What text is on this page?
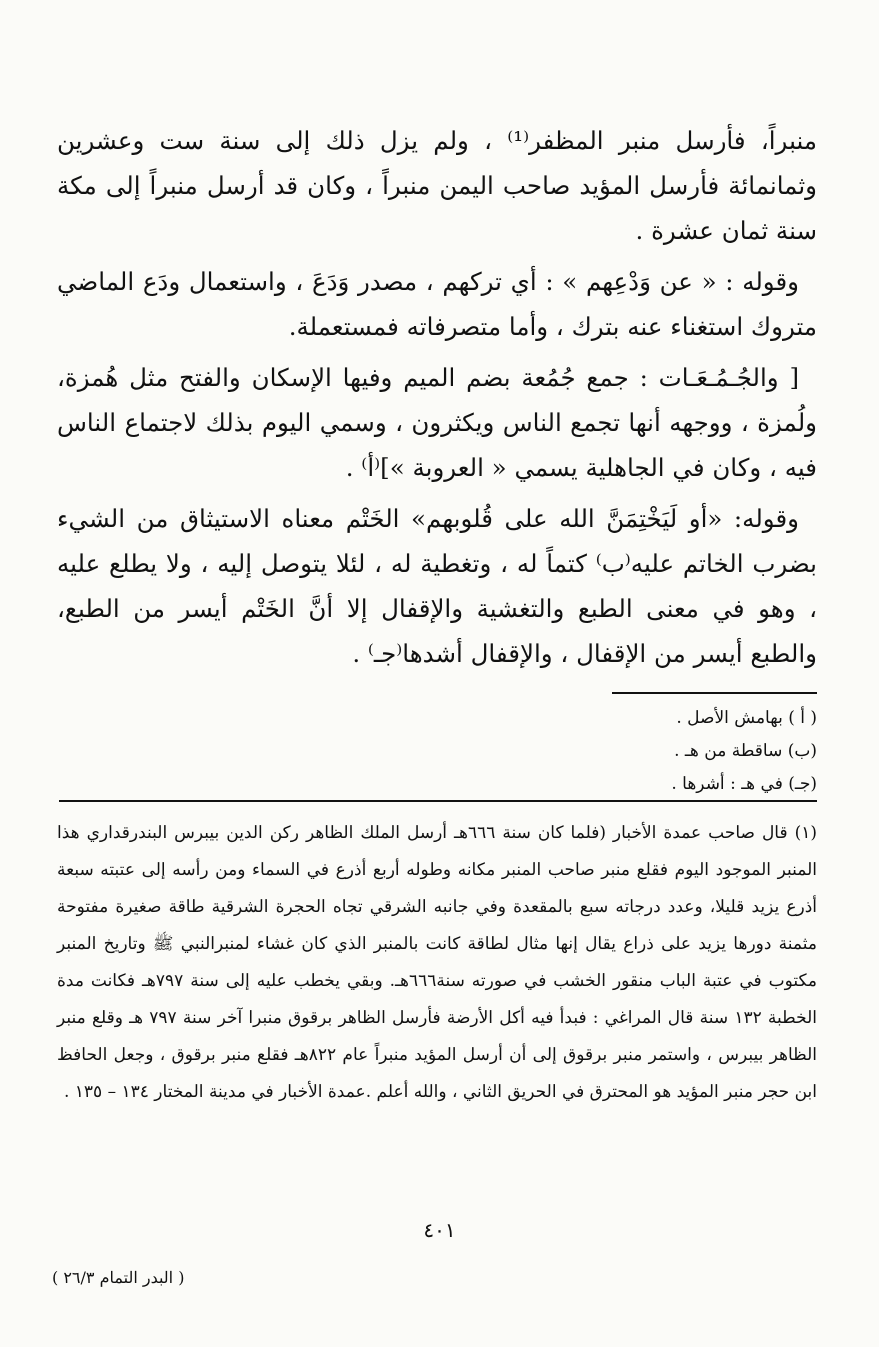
منبراً، فأرسل منبر المظفر⁽¹⁾ ، ولم يزل ذلك إلى سنة ست وعشرين وثمانمائة فأرسل المؤيد صاحب اليمن منبراً ، وكان قد أرسل منبراً إلى مكة سنة ثمان عشرة .

وقوله : « عن وَدْعِهم » : أي تركهم ، مصدر وَدَعَ ، واستعمال ودَع الماضي متروك استغناء عنه بترك ، وأما متصرفاته فمستعملة.

[ والجُـمُـعَـات : جمع جُمُعة بضم الميم وفيها الإسكان والفتح مثل هُمزة، ولُمزة ، ووجهه أنها تجمع الناس ويكثرون ، وسمي اليوم بذلك لاجتماع الناس فيه ، وكان في الجاهلية يسمي « العروبة »]⁽أ⁾ .

وقوله: «أو لَيَخْتِمَنَّ الله على قُلوبهم» الخَتْم معناه الاستيثاق من الشيء بضرب الخاتم عليه⁽ب⁾ كتماً له ، وتغطية له ، لئلا يتوصل إليه ، ولا يطلع عليه ، وهو في معنى الطبع والتغشية والإقفال إلا أنَّ الخَتْم أيسر من الطبع، والطبع أيسر من الإقفال ، والإقفال أشدها⁽جـ⁾ .

( أ ) بهامش الأصل .
(ب) ساقطة من هـ .
(جـ) في هـ : أشرها .

(١) قال صاحب عمدة الأخبار (فلما كان سنة ٦٦٦هـ أرسل الملك الظاهر ركن الدين بيبرس البندرقداري هذا المنبر الموجود اليوم فقلع منبر صاحب المنبر مكانه وطوله أربع أذرع في السماء ومن رأسه إلى عتبته سبعة أذرع يزيد قليلا، وعدد درجاته سبع بالمقعدة وفي جانبه الشرقي تجاه الحجرة الشرقية طاقة صغيرة مفتوحة مثمنة دورها يزيد على ذراع يقال إنها مثال لطاقة كانت بالمنبر الذي كان غشاء لمنبرالنبي ﷺ وتاريخ المنبر مكتوب في عتبة الباب منقور الخشب في صورته سنة٦٦٦هـ. وبقي يخطب عليه إلى سنة ٧٩٧هـ فكانت مدة الخطبة ١٣٢ سنة قال المراغي : فبدأ فيه أكل الأرضة فأرسل الظاهر برقوق منبرا آخر سنة ٧٩٧ هـ وقلع منبر الظاهر بيبرس ، واستمر منبر برقوق إلى أن أرسل المؤيد منبراً عام ٨٢٢هـ فقلع منبر برقوق ، وجعل الحافظ ابن حجر منبر المؤيد هو المحترق في الحريق الثاني ، والله أعلم .عمدة الأخبار في مدينة المختار ١٣٤ – ١٣٥ .

٤٠١
( البدر التمام ٢٦/٣ )
